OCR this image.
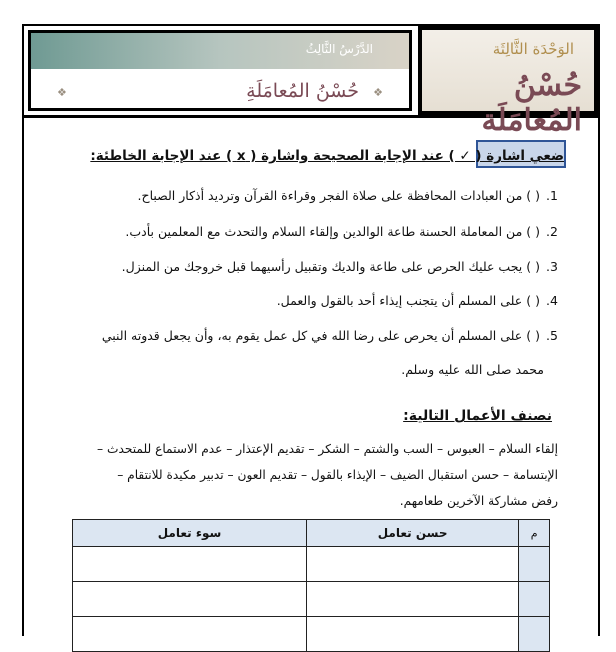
الوَحْدَة الثَّالِثَة
حُسْنُ المُعامَلَة
الدَّرْسُ الثَّالِثُ
❖	حُسْنُ المُعامَلَةِ ❖
ضعي اشارة ( ✓ ) عند الإجابة الصحيحة واشارة ( x ) عند الإجابة الخاطئة:
1.( )من العبادات المحافظة على صلاة الفجر وقراءة القرآن وترديد أذكار الصباح.
2.( )من المعاملة الحسنة طاعة الوالدين وإلقاء السلام والتحدث مع المعلمين بأدب.
3.( )يجب عليك الحرص على طاعة والديك وتقبيل رأسيهما قبل خروجك من المنزل.
4.( )على المسلم أن يتجنب إيذاء أحد بالقول والعمل.
5.( )على المسلم أن يحرص على رضا الله في كل عمل يقوم به، وأن يجعل قدوته النبي
محمد صلى الله عليه وسلم.
نصنف الأعمال التالية:
إلقاء السلام – العبوس – السب والشتم – الشكر – تقديم الإعتذار – عدم الاستماع للمتحدث –
الإبتسامة – حسن استقبال الضيف – الإيذاء بالقول – تقديم العون – تدبير مكيدة للانتقام –
رفض مشاركة الآخرين طعامهم.
سوء تعامل	حسن تعامل	م
